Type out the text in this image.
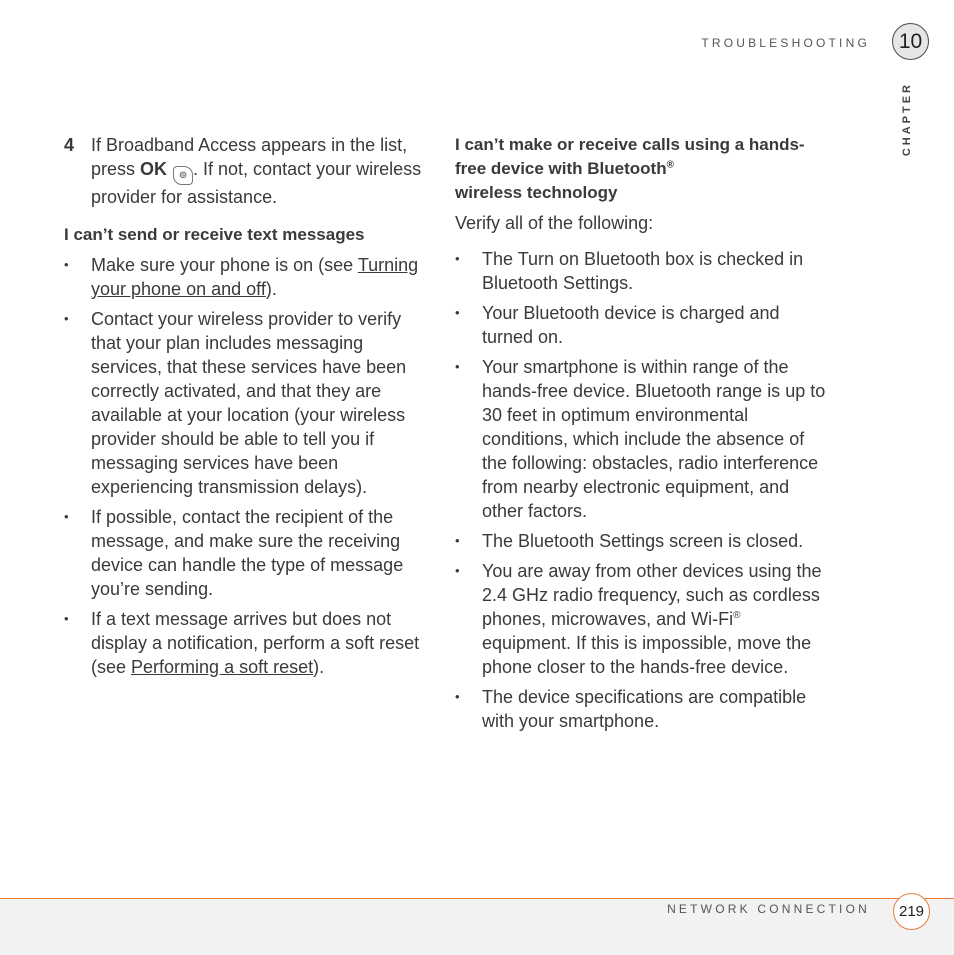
TROUBLESHOOTING	10
CHAPTER

4 If Broadband Access appears in the list, press OK ⊚ . If not, contact your wireless provider for assistance.

I can’t send or receive text messages
•	Make sure your phone is on (see Turning your phone on and off).
•	Contact your wireless provider to verify that your plan includes messaging services, that these services have been correctly activated, and that they are available at your location (your wireless provider should be able to tell you if messaging services have been experiencing transmission delays).
•	If possible, contact the recipient of the message, and make sure the receiving device can handle the type of message you’re sending.
•	If a text message arrives but does not display a notification, perform a soft reset (see Performing a soft reset).
I can’t make or receive calls using a hands-free device with Bluetooth®
wireless technology

Verify all of the following:

•	The Turn on Bluetooth box is checked in Bluetooth Settings.
•	Your Bluetooth device is charged and turned on.
•	Your smartphone is within range of the hands-free device. Bluetooth range is up to 30 feet in optimum environmental conditions, which include the absence of the following: obstacles, radio interference from nearby electronic equipment, and other factors.
•	The Bluetooth Settings screen is closed.
•	You are away from other devices using the 2.4 GHz radio frequency, such as cordless phones, microwaves, and Wi-Fi® equipment. If this is impossible, move the phone closer to the hands-free device.
•	The device specifications are compatible with your smartphone.
NETWORK CONNECTION	219
